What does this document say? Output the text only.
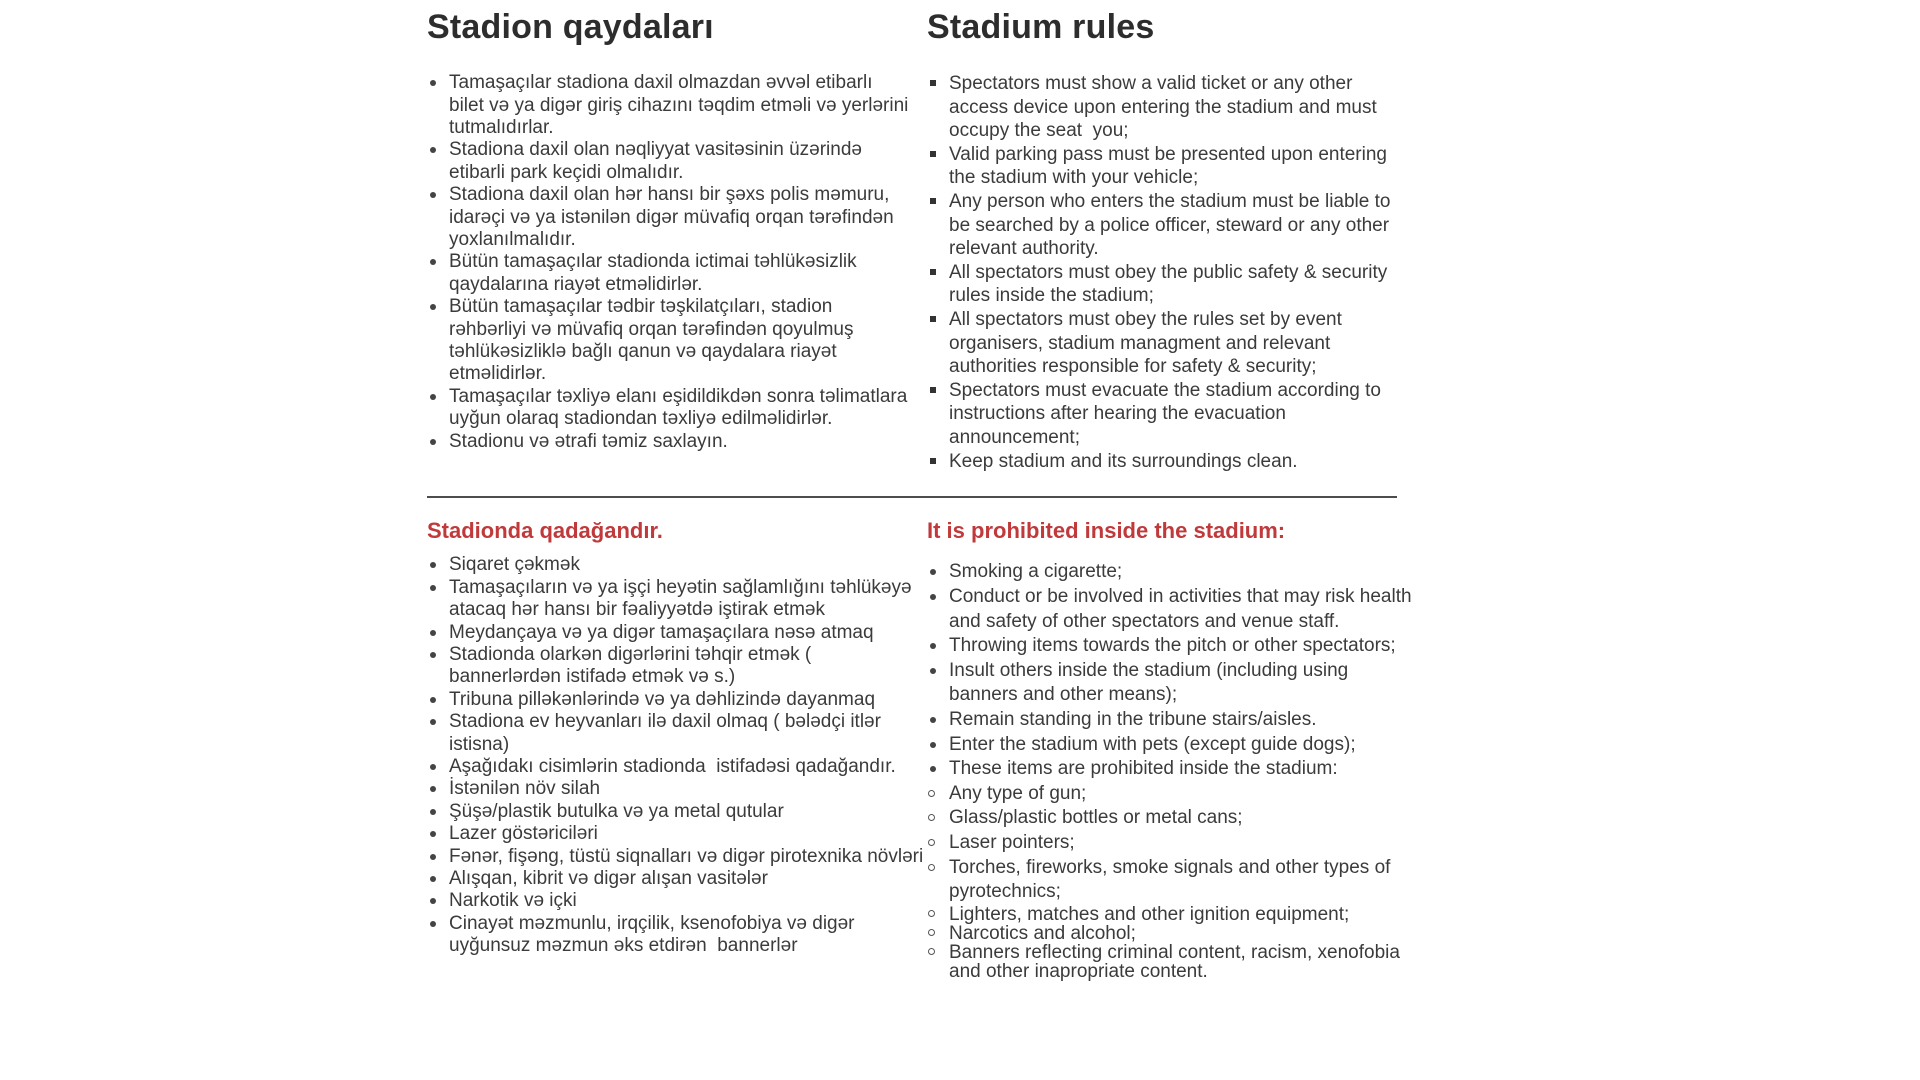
Stadion qaydaları
Tamaşaçılar stadiona daxil olmazdan əvvəl etibarlı bilet və ya digər giriş cihazını təqdim etməli və yerlərini tutmalıdırlar.
Stadiona daxil olan nəqliyyat vasitəsinin üzərində etibarli park keçidi olmalıdır.
Stadiona daxil olan hər hansı bir şəxs polis məmuru, idarəçi və ya istənilən digər müvafiq orqan tərəfindən yoxlanılmalıdır.
Bütün tamaşaçılar stadionda ictimai təhlükəsizlik qaydalarına riayət etməlidirlər.
Bütün tamaşaçılar tədbir təşkilatçıları, stadion rəhbərliyi və müvafiq orqan tərəfindən qoyulmuş təhlükəsizliklə bağlı qanun və qaydalara riayət etməlidirlər.
Tamaşaçılar təxliyə elanı eşidildikdən sonra təlimatlara uyğun olaraq stadiondan təxliyə edilməlidirlər.
Stadionu və ətrafi təmiz saxlayın.
Stadium rules
Spectators must show a valid ticket or any other access device upon entering the stadium and must occupy the seat  you;
Valid parking pass must be presented upon entering the stadium with your vehicle;
Any person who enters the stadium must be liable to be searched by a police officer, steward or any other relevant authority.
All spectators must obey the public safety & security rules inside the stadium;
All spectators must obey the rules set by event organisers, stadium managment and relevant authorities responsible for safety & security;
Spectators must evacuate the stadium according to instructions after hearing the evacuation announcement;
Keep stadium and its surroundings clean.
Stadionda qadağandır.
Siqaret çəkmək
Tamaşaçıların və ya işçi heyətin sağlamlığını təhlükəyə atacaq hər hansı bir fəaliyyətdə iştirak etmək
Meydançaya və ya digər tamaşaçılara nəsə atmaq
Stadionda olarkən digərlərini təhqir etmək ( bannerlərdən istifadə etmək və s.)
Tribuna pilləkənlərində və ya dəhlizində dayanmaq
Stadiona ev heyvanları ilə daxil olmaq ( bələdçi itlər istisna)
Aşağıdakı cisimlərin stadionda  istifadəsi qadağandır.
İstənilən növ silah
Şüşə/plastik butulka və ya metal qutular
Lazer göstəriciləri
Fənər, fişəng, tüstü siqnalları və digər pirotexnika növləri
Alışqan, kibrit və digər alışan vasitələr
Narkotik və içki
Cinayət məzmunlu, irqçilik, ksenofobiya və digər uyğunsuz məzmun əks etdirən  bannerlər
It is prohibited inside the stadium:
Smoking a cigarette;
Conduct or be involved in activities that may risk health and safety of other spectators and venue staff.
Throwing items towards the pitch or other spectators;
Insult others inside the stadium (including using banners and other means);
Remain standing in the tribune stairs/aisles.
Enter the stadium with pets (except guide dogs);
These items are prohibited inside the stadium:
Any type of gun;
Glass/plastic bottles or metal cans;
Laser pointers;
Torches, fireworks, smoke signals and other types of pyrotechnics;
Lighters, matches and other ignition equipment;
Narcotics and alcohol;
Banners reflecting criminal content, racism, xenofobia and other inapropriate content.
